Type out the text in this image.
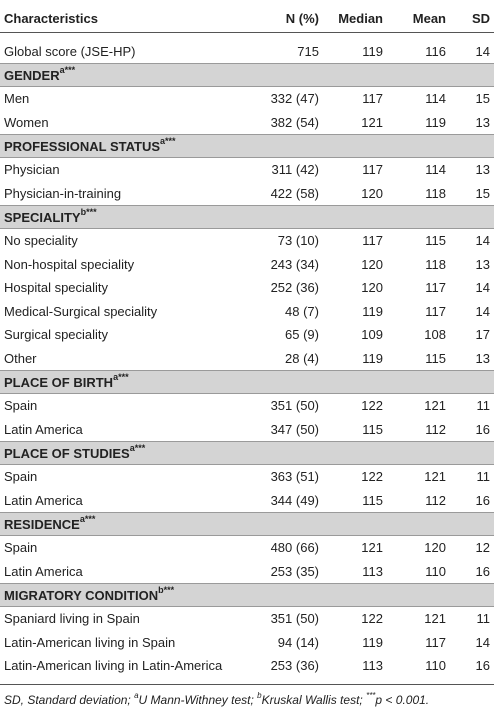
Characteristics	N (%)	Median	Mean	SD
Global score (JSE-HP)	715	119	116	14
$GENDER^{a***}$
Men	332 (47)	117	114	15
Women	382 (54)	121	119	13
PROFESSIONAL $STATUS^{a***}$
Physician	311 (42)	117	114	13
Physician-in-training	422 (58)	120	118	15
$SPECIALITY^{b***}$
No speciality	73 (10)	117	115	14
Non-hospital speciality	243 (34)	120	118	13
Hospital speciality	252 (36)	120	117	14
Medical-Surgical speciality	48 (7)	119	117	14
Surgical speciality	65 (9)	109	108	17
Other	28 (4)	119	115	13
PLACE OF $BIRTH^{a***}$
Spain	351 (50)	122	121	11
Latin America	347 (50)	115	112	16
PLACE OF $STUDIES^{a***}$
Spain	363 (51)	122	121	11
Latin America	344 (49)	115	112	16
$RESIDENCE^{a***}$
Spain	480 (66)	121	120	12
Latin America	253 (35)	113	110	16
MIGRATORY $CONDITION^{b***}$
Spaniard living in Spain	351 (50)	122	121	11
Latin-American living in Spain	94 (14)	119	117	14
Latin-American living in Latin-America	253 (36)	113	110	16
SD, Standard deviation; $^a$U Mann-Withney test; $^b$Kruskal Wallis test; ***p < 0.001.
